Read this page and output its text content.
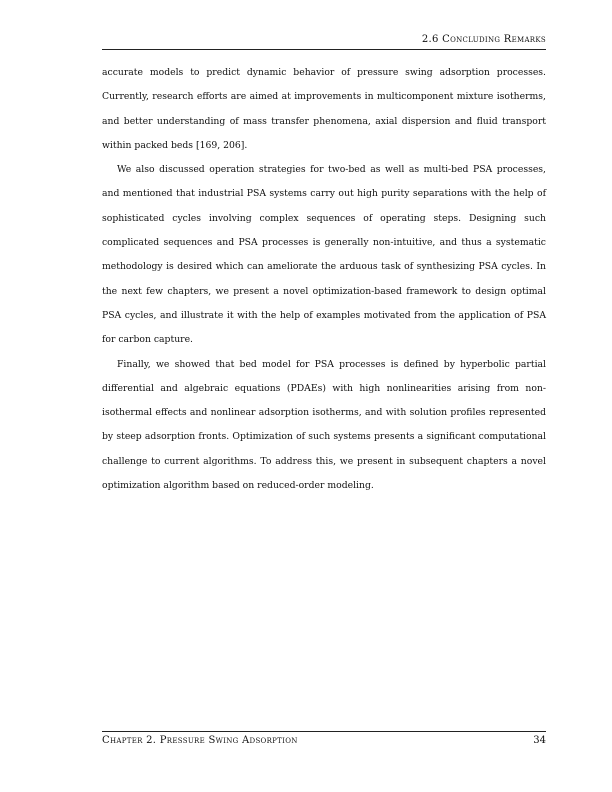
2.6 Concluding Remarks

accurate models to predict dynamic behavior of pressure swing adsorption processes. Currently, research efforts are aimed at improvements in multicomponent mixture isotherms, and better understanding of mass transfer phenomena, axial dispersion and fluid transport within packed beds [169, 206].

We also discussed operation strategies for two-bed as well as multi-bed PSA processes, and mentioned that industrial PSA systems carry out high purity separations with the help of sophisticated cycles involving complex sequences of operating steps. Designing such complicated sequences and PSA processes is generally non-intuitive, and thus a systematic methodology is desired which can ameliorate the arduous task of synthesizing PSA cycles. In the next few chapters, we present a novel optimization-based framework to design optimal PSA cycles, and illustrate it with the help of examples motivated from the application of PSA for carbon capture.

Finally, we showed that bed model for PSA processes is defined by hyperbolic partial differential and algebraic equations (PDAEs) with high nonlinearities arising from non-isothermal effects and nonlinear adsorption isotherms, and with solution profiles represented by steep adsorption fronts. Optimization of such systems presents a significant computational challenge to current algorithms. To address this, we present in subsequent chapters a novel optimization algorithm based on reduced-order modeling.

Chapter 2. Pressure Swing Adsorption	34
